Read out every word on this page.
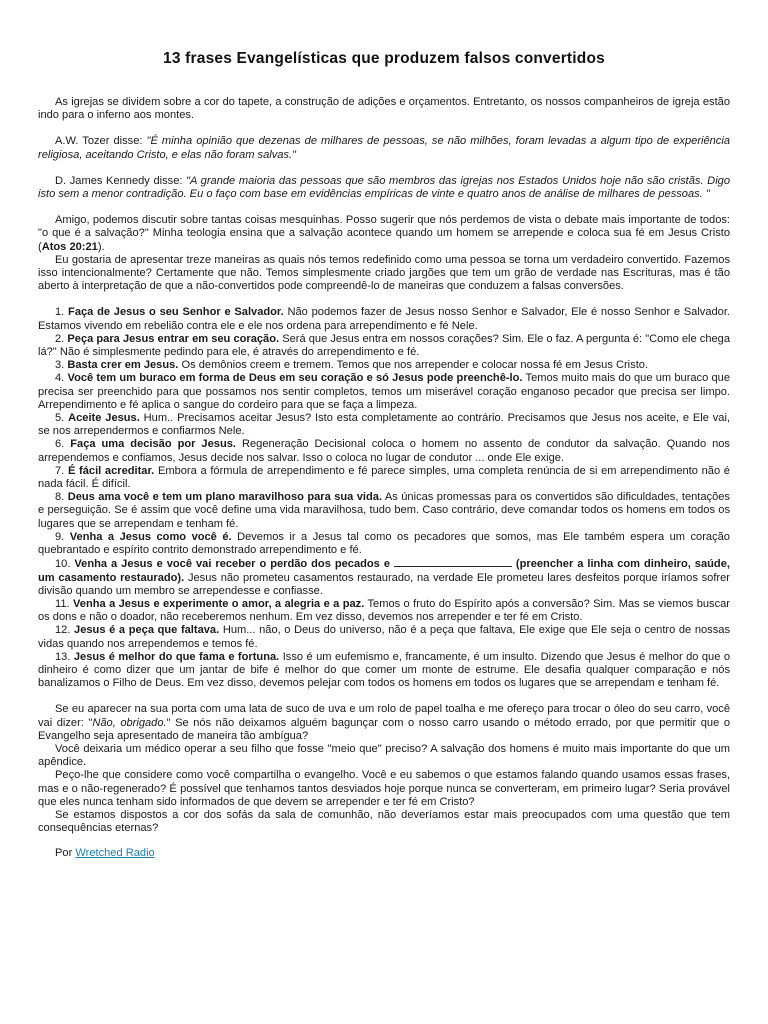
13 frases Evangelísticas que produzem falsos convertidos

As igrejas se dividem sobre a cor do tapete, a construção de adições e orçamentos. Entretanto, os nossos companheiros de igreja estão indo para o inferno aos montes.

A.W. Tozer disse: "É minha opinião que dezenas de milhares de pessoas, se não milhões, foram levadas a algum tipo de experiência religiosa, aceitando Cristo, e elas não foram salvas."

D. James Kennedy disse: "A grande maioria das pessoas que são membros das igrejas nos Estados Unidos hoje não são cristãs. Digo isto sem a menor contradição. Eu o faço com base em evidências empíricas de vinte e quatro anos de análise de milhares de pessoas. "

Amigo, podemos discutir sobre tantas coisas mesquinhas. Posso sugerir que nós perdemos de vista o debate mais importante de todos: "o que é a salvação?" Minha teologia ensina que a salvação acontece quando um homem se arrepende e coloca sua fé em Jesus Cristo (Atos 20:21).

Eu gostaria de apresentar treze maneiras as quais nós temos redefinido como uma pessoa se torna um verdadeiro convertido. Fazemos isso intencionalmente? Certamente que não. Temos simplesmente criado jargões que tem um grão de verdade nas Escrituras, mas é tão aberto à interpretação de que a não-convertidos pode compreendê-lo de maneiras que conduzem a falsas conversões.

1. Faça de Jesus o seu Senhor e Salvador. Não podemos fazer de Jesus nosso Senhor e Salvador, Ele é nosso Senhor e Salvador. Estamos vivendo em rebelião contra ele e ele nos ordena para arrependimento e fé Nele.

2. Peça para Jesus entrar em seu coração. Será que Jesus entra em nossos corações? Sim. Ele o faz. A pergunta é: "Como ele chega lá?" Não é simplesmente pedindo para ele, é através do arrependimento e fé.

3. Basta crer em Jesus. Os demônios creem e tremem. Temos que nos arrepender e colocar nossa fé em Jesus Cristo.

4. Você tem um buraco em forma de Deus em seu coração e só Jesus pode preenchê-lo. Temos muito mais do que um buraco que precisa ser preenchido para que possamos nos sentir completos, temos um miserável coração enganoso pecador que precisa ser limpo. Arrependimento e fé aplica o sangue do cordeiro para que se faça a limpeza.

5. Aceite Jesus. Hum.. Precisamos aceitar Jesus? Isto esta completamente ao contrário. Precisamos que Jesus nos aceite, e Ele vai, se nos arrependermos e confiarmos Nele.

6. Faça uma decisão por Jesus. Regeneração Decisional coloca o homem no assento de condutor da salvação. Quando nos arrependemos e confiamos, Jesus decide nos salvar. Isso o coloca no lugar de condutor ... onde Ele exige.

7. É fácil acreditar. Embora a fórmula de arrependimento e fé parece simples, uma completa renúncia de si em arrependimento não é nada fácil. É difícil.

8. Deus ama você e tem um plano maravilhoso para sua vida. As únicas promessas para os convertidos são dificuldades, tentações e perseguição. Se é assim que você define uma vida maravilhosa, tudo bem. Caso contrário, deve comandar todos os homens em todos os lugares que se arrependam e tenham fé.

9. Venha a Jesus como você é. Devemos ir a Jesus tal como os pecadores que somos, mas Ele também espera um coração quebrantado e espírito contrito demonstrado arrependimento e fé.

10. Venha a Jesus e você vai receber o perdão dos pecados e	(preencher a linha com dinheiro, saúde, um casamento restaurado). Jesus não prometeu casamentos restaurado, na verdade Ele prometeu lares desfeitos porque iríamos sofrer divisão quando um membro se arrependesse e confiasse.

11. Venha a Jesus e experimente o amor, a alegria e a paz. Temos o fruto do Espírito após a conversão? Sim. Mas se viemos buscar os dons e não o doador, não receberemos nenhum. Em vez disso, devemos nos arrepender e ter fé em Cristo.

12. Jesus é a peça que faltava. Hum... não, o Deus do universo, não é a peça que faltava, Ele exige que Ele seja o centro de nossas vidas quando nos arrependemos e temos fé.

13. Jesus é melhor do que fama e fortuna. Isso é um eufemismo e, francamente, é um insulto. Dizendo que Jesus é melhor do que o dinheiro é como dizer que um jantar de bife é melhor do que comer um monte de estrume. Ele desafia qualquer comparação e nós banalizamos o Filho de Deus. Em vez disso, devemos pelejar com todos os homens em todos os lugares que se arrependam e tenham fé.

Se eu aparecer na sua porta com uma lata de suco de uva e um rolo de papel toalha e me ofereço para trocar o óleo do seu carro, você vai dizer: "Não, obrigado." Se nós não deixamos alguém bagunçar com o nosso carro usando o método errado, por que permitir que o Evangelho seja apresentado de maneira tão ambígua?

Você deixaria um médico operar a seu filho que fosse "meio que" preciso? A salvação dos homens é muito mais importante do que um apêndice.

Peço-lhe que considere como você compartilha o evangelho. Você e eu sabemos o que estamos falando quando usamos essas frases, mas e o não-regenerado? É possível que tenhamos tantos desviados hoje porque nunca se converteram, em primeiro lugar? Seria provável que eles nunca tenham sido informados de que devem se arrepender e ter fé em Cristo?

Se estamos dispostos a cor dos sofás da sala de comunhão, não deveríamos estar mais preocupados com uma questão que tem consequências eternas?

Por Wretched Radio
